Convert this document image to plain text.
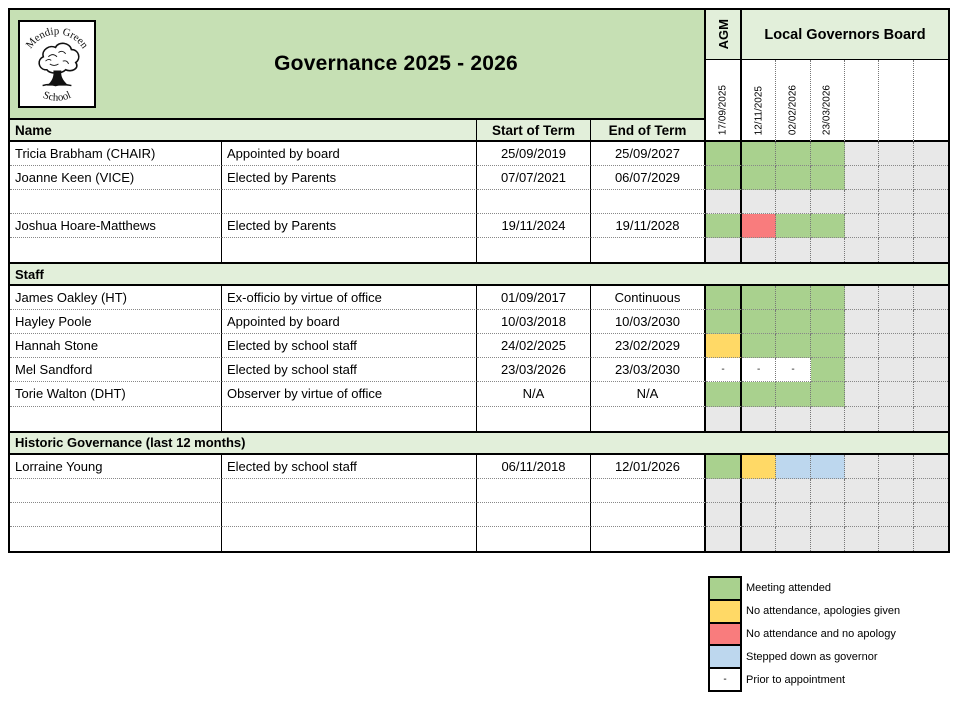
Mendip Green
School
Governance 2025 - 2026
AGM	Local Governors Board
17/09/2025 12/11/2025 02/02/2026 23/03/2026
Name	Start of Term	End of Term
Tricia Brabham (CHAIR)	Appointed by board	25/09/2019	25/09/2027
Joanne Keen (VICE)	Elected by Parents	07/07/2021	06/07/2029
Joshua Hoare-Matthews	Elected by Parents	19/11/2024	19/11/2028
Staff
James Oakley (HT)	Ex-officio by virtue of office	01/09/2017	Continuous
Hayley Poole	Appointed by board	10/03/2018	10/03/2030
Hannah Stone	Elected by school staff	24/02/2025	23/02/2029
Mel Sandford	Elected by school staff	23/03/2026	23/03/2030	-	-	-
Torie Walton (DHT)	Observer by virtue of office	N/A	N/A
Historic Governance (last 12 months)
Lorraine Young	Elected by school staff	06/11/2018	12/01/2026
Meeting attended
No attendance, apologies given
No attendance and no apology
Stepped down as governor
-	Prior to appointment
